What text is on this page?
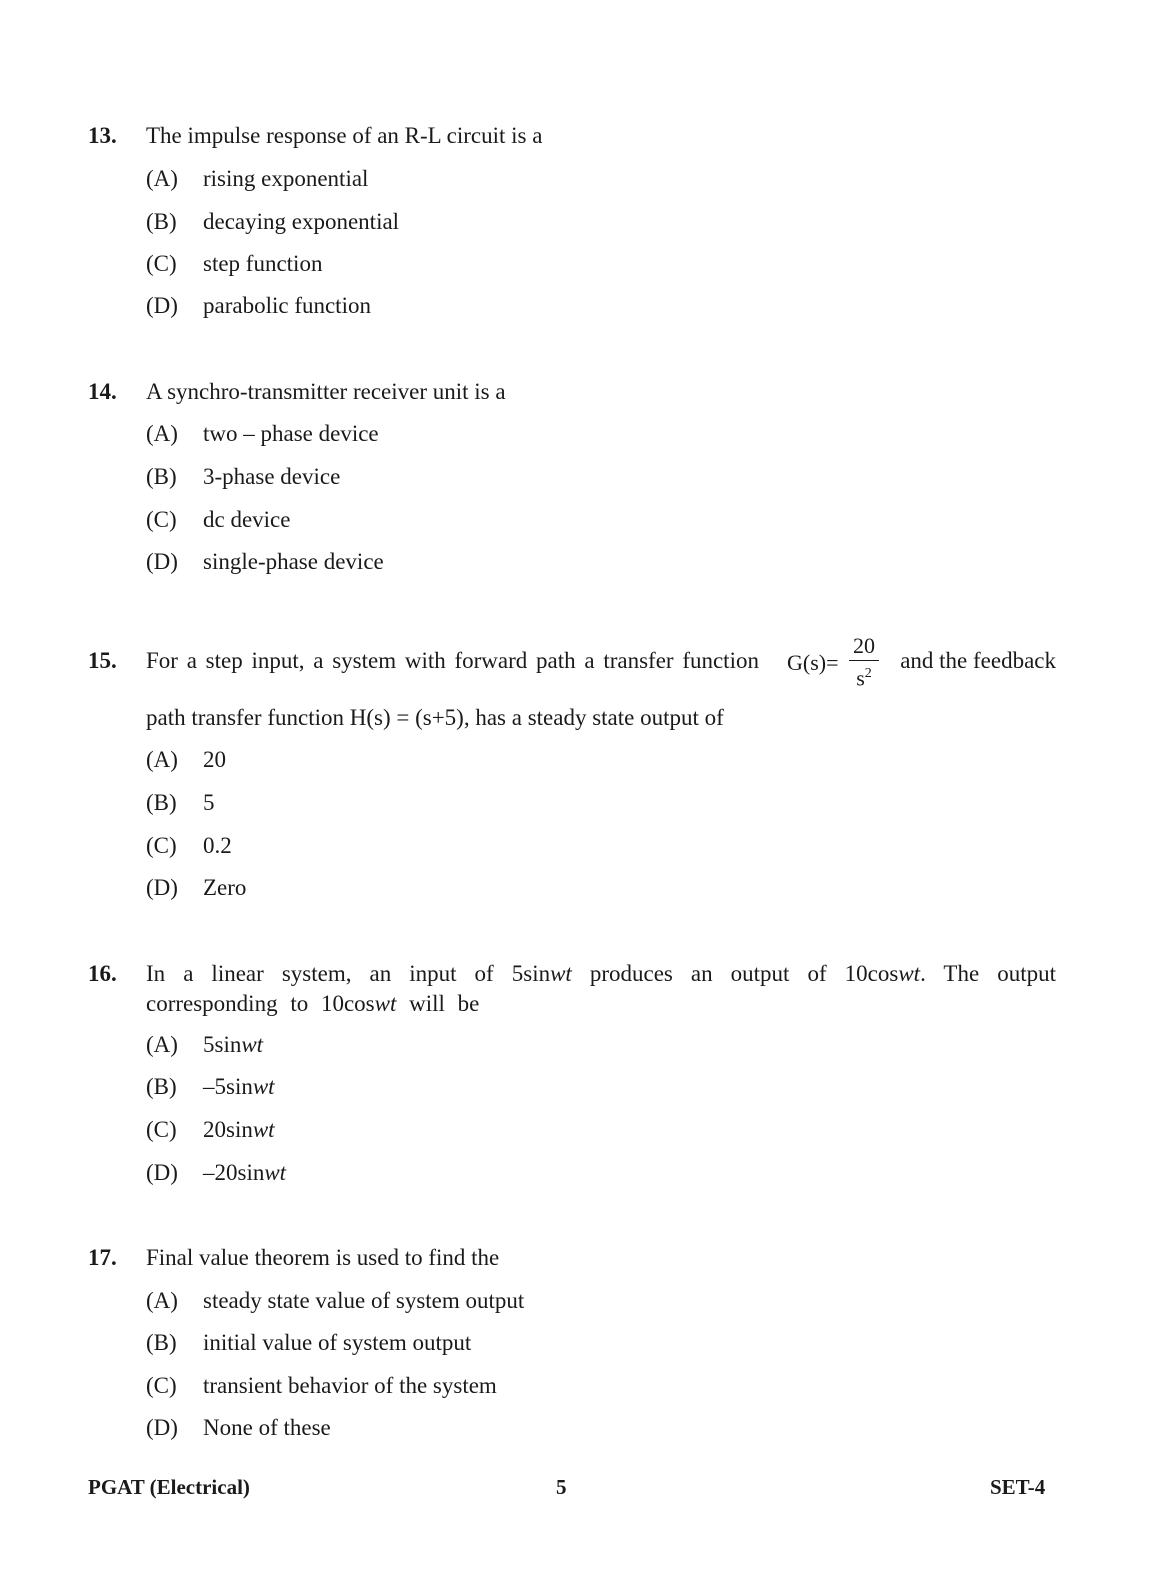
13. The impulse response of an R-L circuit is a
(A) rising exponential
(B) decaying exponential
(C) step function
(D) parabolic function
14. A synchro-transmitter receiver unit is a
(A) two – phase device
(B) 3-phase device
(C) dc device
(D) single-phase device
15. For a step input, a system with forward path a transfer function $G(s)= \frac{20}{s^2}$ and the feedback
path transfer function H(s) = (s+5), has a steady state output of
(A) 20
(B) 5
(C) 0.2
(D) Zero
16. In a linear system, an input of 5sinwt produces an output of 10coswt. The output corresponding to 10coswt will be
(A) 5sinwt
(B) –5sinwt
(C) 20sinwt
(D) –20sinwt
17. Final value theorem is used to find the
(A) steady state value of system output
(B) initial value of system output
(C) transient behavior of the system
(D) None of these
PGAT (Electrical)	5	SET-4
